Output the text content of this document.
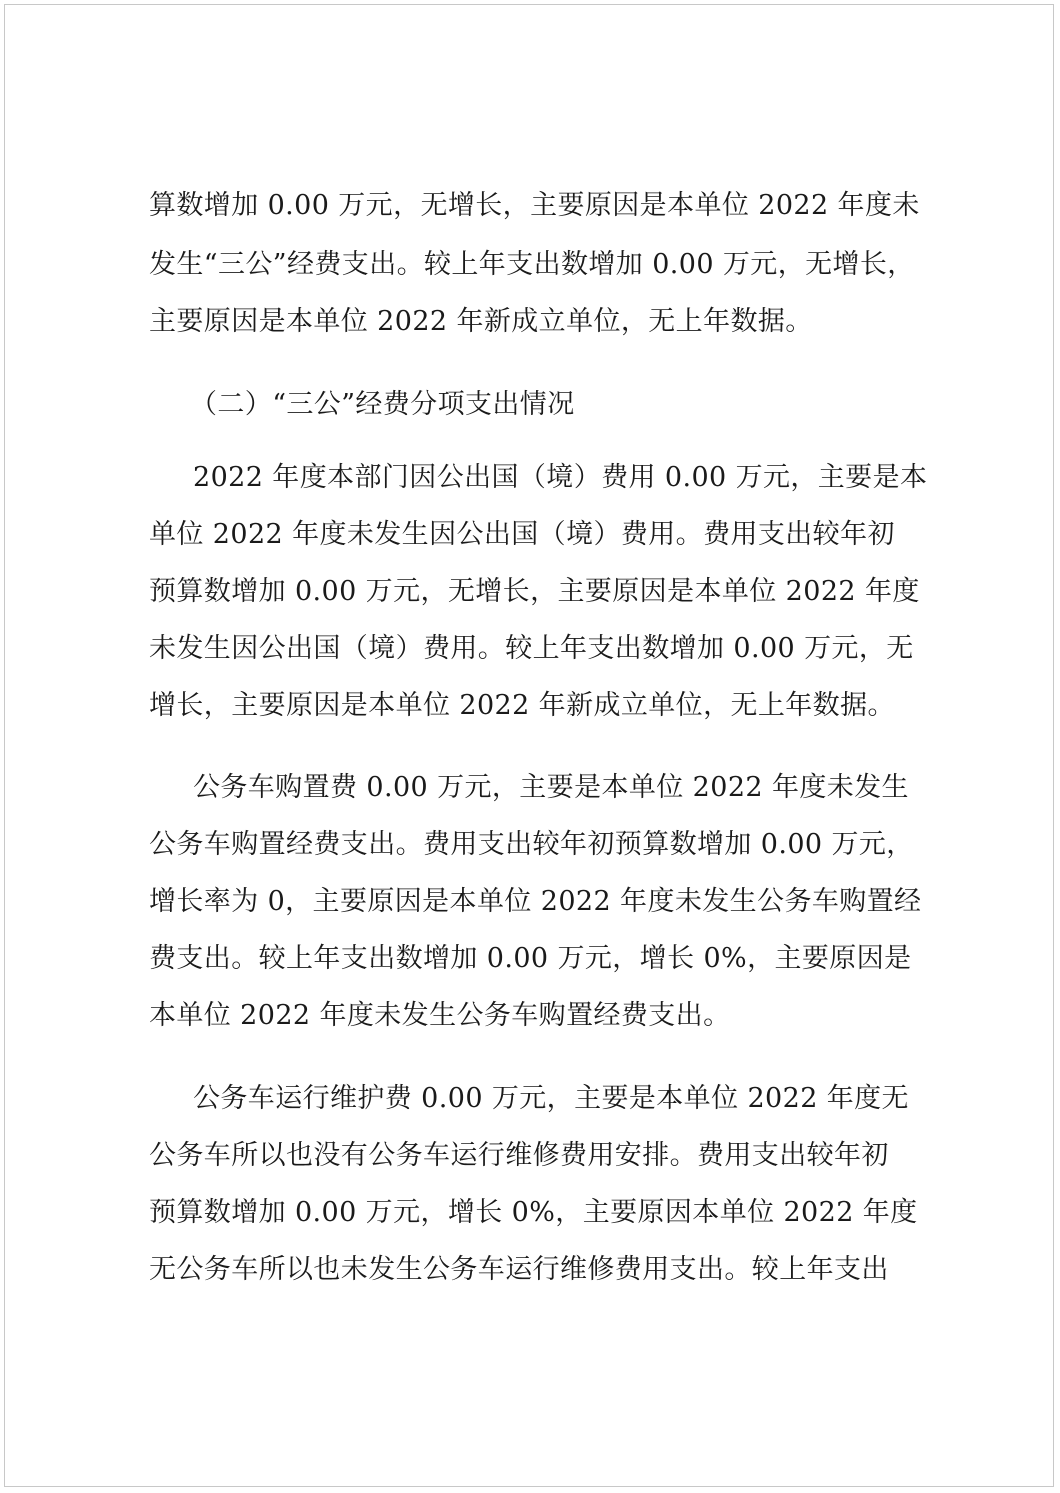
算数增加 0.00 万元，无增长，主要原因是本单位 2022 年度未
发生“三公”经费支出。较上年支出数增加 0.00 万元，无增长，
主要原因是本单位 2022 年新成立单位，无上年数据。
（二）“三公”经费分项支出情况
2022 年度本部门因公出国（境）费用 0.00 万元，主要是本
单位 2022 年度未发生因公出国（境）费用。费用支出较年初
预算数增加 0.00 万元，无增长，主要原因是本单位 2022 年度
未发生因公出国（境）费用。较上年支出数增加 0.00 万元，无
增长，主要原因是本单位 2022 年新成立单位，无上年数据。
公务车购置费 0.00 万元，主要是本单位 2022 年度未发生
公务车购置经费支出。费用支出较年初预算数增加 0.00 万元，
增长率为 0，主要原因是本单位 2022 年度未发生公务车购置经
费支出。较上年支出数增加 0.00 万元，增长 0%，主要原因是
本单位 2022 年度未发生公务车购置经费支出。
公务车运行维护费 0.00 万元，主要是本单位 2022 年度无
公务车所以也没有公务车运行维修费用安排。费用支出较年初
预算数增加 0.00 万元，增长 0%，主要原因本单位 2022 年度
无公务车所以也未发生公务车运行维修费用支出。较上年支出
